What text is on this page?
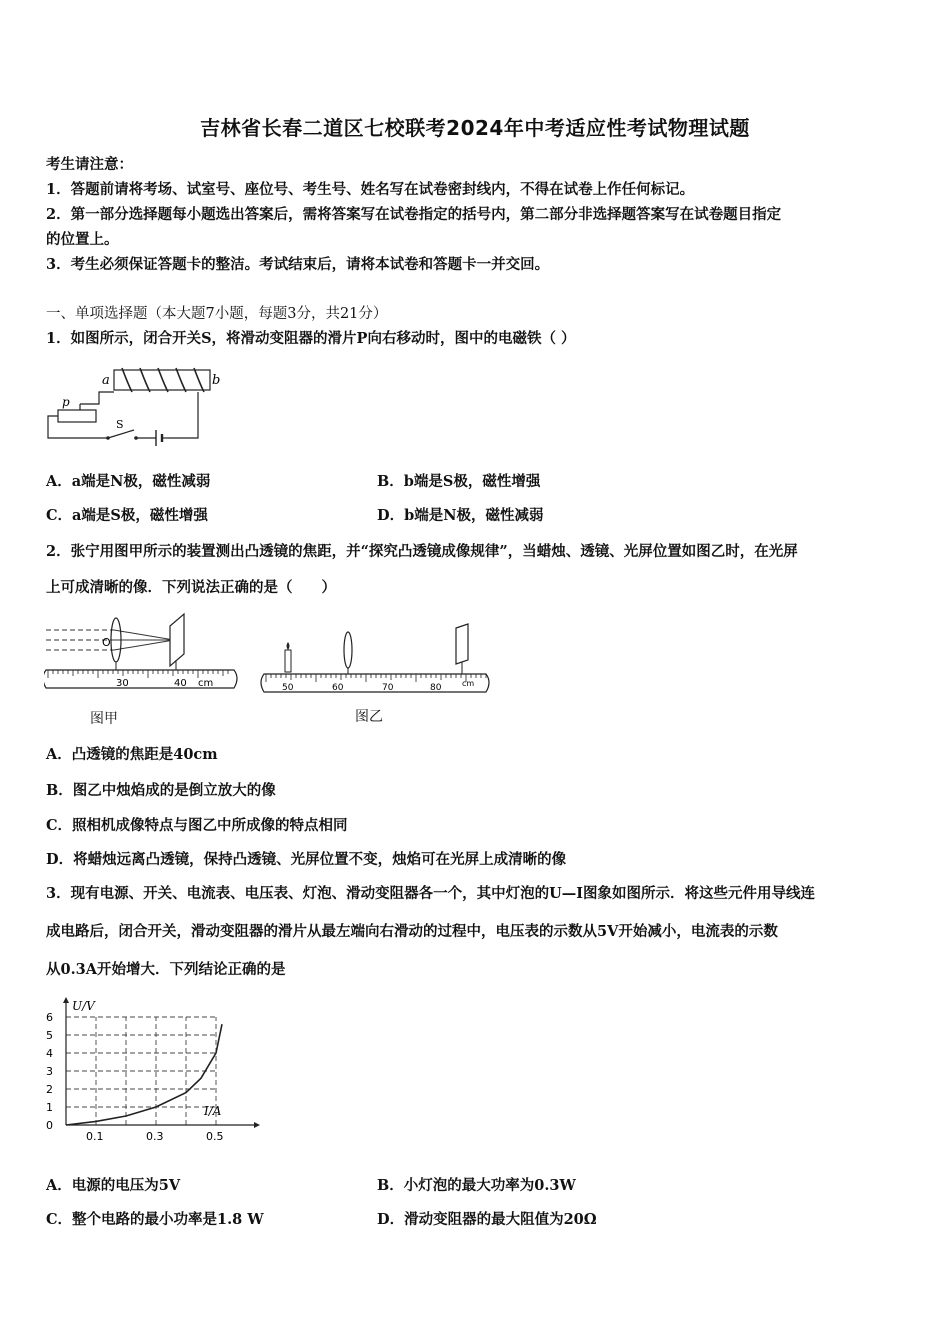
吉林省长春二道区七校联考2024年中考适应性考试物理试题
考生请注意：
1．答题前请将考场、试室号、座位号、考生号、姓名写在试卷密封线内，不得在试卷上作任何标记。
2．第一部分选择题每小题选出答案后，需将答案写在试卷指定的括号内，第二部分非选择题答案写在试卷题目指定
的位置上。
3．考生必须保证答题卡的整洁。考试结束后，请将本试卷和答题卡一并交回。
一、单项选择题（本大题7小题，每题3分，共21分）
1．如图所示，闭合开关S，将滑动变阻器的滑片P向右移动时，图中的电磁铁（ ）
a	b
p
S
A．a端是N极，磁性减弱	B．b端是S极，磁性增强
C．a端是S极，磁性增强	D．b端是N极，磁性减弱
2．张宁用图甲所示的装置测出凸透镜的焦距，并“探究凸透镜成像规律”，当蜡烛、透镜、光屏位置如图乙时，在光屏
上可成清晰的像．下列说法正确的是（　　）
O
30	40 cm
图甲
50	60	70	80	cm
图乙
A．凸透镜的焦距是40cm
B．图乙中烛焰成的是倒立放大的像
C．照相机成像特点与图乙中所成像的特点相同
D．将蜡烛远离凸透镜，保持凸透镜、光屏位置不变，烛焰可在光屏上成清晰的像
3．现有电源、开关、电流表、电压表、灯泡、滑动变阻器各一个，其中灯泡的U—I图象如图所示．将这些元件用导线连
成电路后，闭合开关，滑动变阻器的滑片从最左端向右滑动的过程中，电压表的示数从5V开始减小，电流表的示数
从0.3A开始增大．下列结论正确的是
U/V
I/A
6
5
4
3
2
1
0
0.1	0.3	0.5
A．电源的电压为5V	B．小灯泡的最大功率为0.3W
C．整个电路的最小功率是1.8 W	D．滑动变阻器的最大阻值为20Ω
